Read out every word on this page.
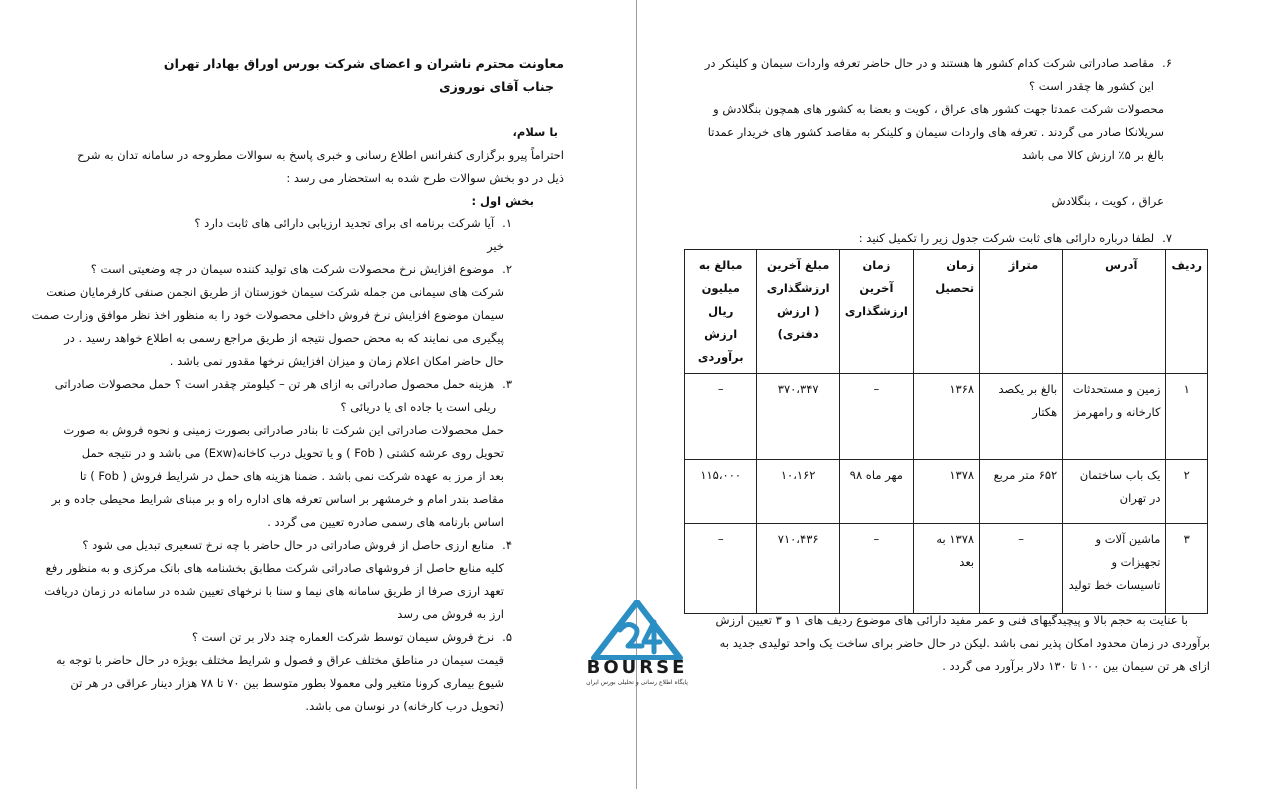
معاونت محترم ناشران و اعضای شرکت بورس اوراق بهادار تهران

جناب آقای نوروزی

با سلام،

احتراماً پیرو برگزاری کنفرانس اطلاع رسانی و خبری پاسخ به سوالات مطروحه در سامانه تدان به شرح

ذیل در دو بخش سوالات طرح شده به استحضار می رسد :

بخش اول :

۱.آیا شرکت برنامه ای برای تجدید ارزیابی دارائی های ثابت دارد ؟

خیر

۲.موضوع افزایش نرخ محصولات شرکت های تولید کننده سیمان در چه وضعیتی است ؟

شرکت های سیمانی من جمله شرکت سیمان خوزستان از طریق انجمن صنفی کارفرمایان صنعت

سیمان موضوع افزایش نرخ فروش داخلی محصولات خود را به منظور اخذ نظر موافق وزارت صمت

پیگیری می نمایند که به محض حصول نتیجه از طریق مراجع رسمی به اطلاع خواهد رسید . در

حال حاضر امکان اعلام زمان و میزان افزایش نرخها مقدور نمی باشد .

۳.هزینه حمل محصول صادراتی به ازای هر تن – کیلومتر چقدر است ؟ حمل محصولات صادراتی

ریلی است یا جاده ای یا دریائی ؟

حمل محصولات صادراتی این شرکت تا بنادر صادراتی بصورت زمینی و نحوه فروش به صورت

تحویل روی عرشه کشتی ( Fob ) و یا تحویل درب کاخانه(Exw) می باشد و در نتیجه حمل

بعد از مرز به عهده شرکت نمی باشد . ضمنا هزینه های حمل در شرایط فروش ( Fob ) تا

مقاصد بندر امام و خرمشهر بر اساس تعرفه های اداره راه و بر مبنای شرایط محیطی جاده و بر

اساس بارنامه های رسمی صادره تعیین می گردد .

۴.منابع ارزی حاصل از فروش صادراتی در حال حاضر با چه نرخ تسعیری تبدیل می شود ؟

کلیه منابع حاصل از فروشهای صادراتی شرکت مطابق بخشنامه های بانک مرکزی و به منظور رفع

تعهد ارزی صرفا از طریق سامانه های نیما و سنا با نرخهای تعیین شده در سامانه در زمان دریافت

ارز به فروش می رسد

۵.نرخ فروش سیمان توسط شرکت العماره چند دلار بر تن است ؟

قیمت سیمان در مناطق مختلف عراق و فصول و شرایط مختلف بویژه در حال حاضر با توجه به

شیوع بیماری کرونا متغیر ولی معمولا بطور متوسط بین ۷۰ تا ۷۸ هزار دینار عراقی در هر تن

(تحویل درب کارخانه) در نوسان می باشد.

۶.مقاصد صادراتی شرکت کدام کشور ها هستند و در حال حاضر تعرفه واردات سیمان و کلینکر در

این کشور ها چقدر است ؟

محصولات شرکت عمدتا جهت کشور های عراق ، کویت و بعضا به کشور های همچون بنگلادش و

سریلانکا صادر می گردند . تعرفه های واردات سیمان و کلینکر به مقاصد کشور های خریدار عمدتا

بالغ بر ۵٪ ارزش کالا می باشد

عراق ، کویت ، بنگلادش

۷.لطفا درباره دارائی های ثابت شرکت جدول زیر را تکمیل کنید :

ردیف	آدرس	متراژ	زمان تحصیل	زمان آخرین ارزشگذاری	مبلغ آخرین ارزشگذاری ( ارزش دفتری)	مبالغ به میلیون ریال ارزش برآوردی
۱	زمین و مستحدثات کارخانه و رامهرمز	بالغ بر یکصد هکتار	۱۳۶۸	–	۳۷۰،۳۴۷	–
۲	یک باب ساختمان در تهران	۶۵۲ متر مربع	۱۳۷۸	مهر ماه ۹۸	۱۰،۱۶۲	۱۱۵،۰۰۰
۳	ماشین آلات و تجهیزات و تاسیسات خط تولید	–	۱۳۷۸ به بعد	–	۷۱۰،۴۳۶	–

با عنایت به حجم بالا و پیچیدگیهای فنی و عمر مفید دارائی های موضوع ردیف های ۱ و ۳ تعیین ارزش

برآوردی در زمان محدود امکان پذیر نمی باشد .لیکن در حال حاضر برای ساخت یک واحد تولیدی جدید به

ازای هر تن سیمان بین ۱۰۰ تا ۱۳۰ دلار برآورد می گردد .

BOURSE
پایگاه اطلاع رسانی و تحلیلی بورس ایران
